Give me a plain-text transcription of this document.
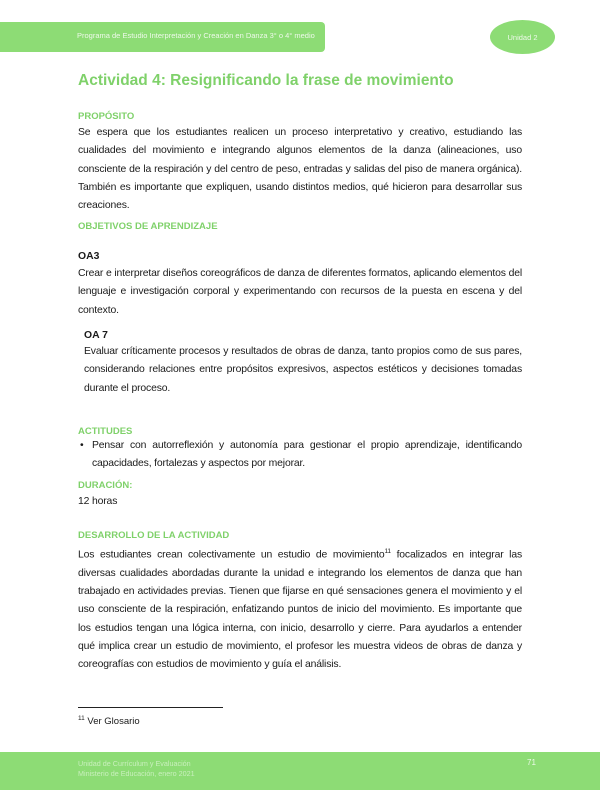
Programa de Estudio Interpretación y Creación en Danza 3° o 4° medio	Unidad 2
Actividad 4: Resignificando la frase de movimiento
PROPÓSITO
Se espera que los estudiantes realicen un proceso interpretativo y creativo, estudiando las cualidades del movimiento e integrando algunos elementos de la danza (alineaciones, uso consciente de la respiración y del centro de peso, entradas y salidas del piso de manera orgánica). También es importante que expliquen, usando distintos medios, qué hicieron para desarrollar sus creaciones.
OBJETIVOS DE APRENDIZAJE
OA3
Crear e interpretar diseños coreográficos de danza de diferentes formatos, aplicando elementos del lenguaje e investigación corporal y experimentando con recursos de la puesta en escena y del contexto.
OA 7
Evaluar críticamente procesos y resultados de obras de danza, tanto propios como de sus pares, considerando relaciones entre propósitos expresivos, aspectos estéticos y decisiones tomadas durante el proceso.
ACTITUDES
• Pensar con autorreflexión y autonomía para gestionar el propio aprendizaje, identificando capacidades, fortalezas y aspectos por mejorar.
DURACIÓN:
12 horas
DESARROLLO DE LA ACTIVIDAD
Los estudiantes crean colectivamente un estudio de movimiento$^{11}$ focalizados en integrar las diversas cualidades abordadas durante la unidad e integrando los elementos de danza que han trabajado en actividades previas. Tienen que fijarse en qué sensaciones genera el movimiento y el uso consciente de la respiración, enfatizando puntos de inicio del movimiento. Es importante que los estudios tengan una lógica interna, con inicio, desarrollo y cierre. Para ayudarlos a entender qué implica crear un estudio de movimiento, el profesor les muestra videos de obras de danza y coreografías con estudios de movimiento y guía el análisis.
$^{11}$ Ver Glosario
Unidad de Currículum y Evaluación
Ministerio de Educación, enero 2021
71
